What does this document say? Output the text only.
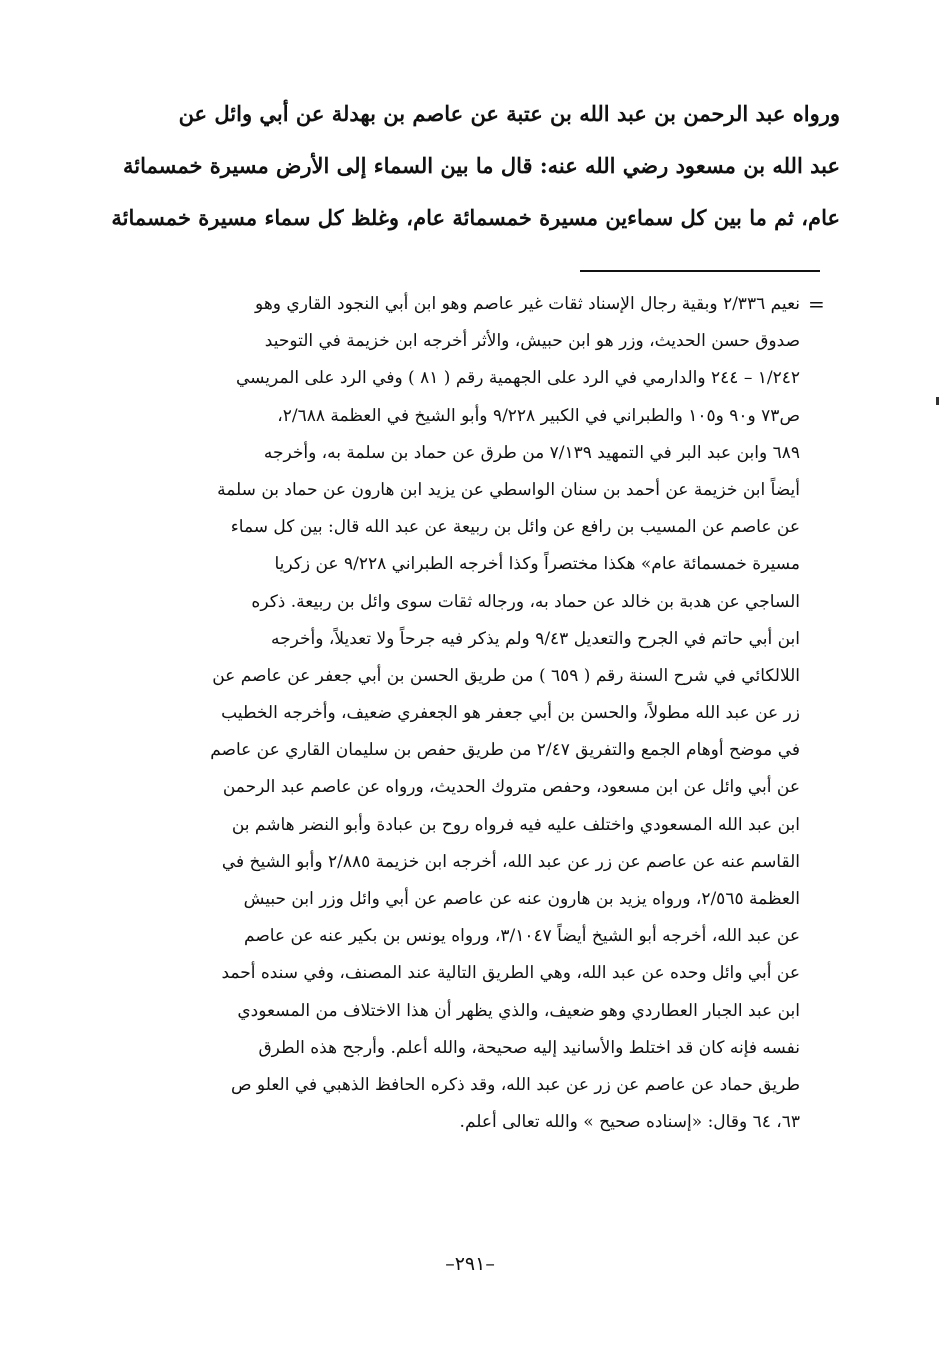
ورواه عبد الرحمن بن عبد الله بن عتبة عن عاصم بن بهدلة عن أبي وائل عن
عبد الله بن مسعود رضي الله عنه: قال ما بين السماء إلى الأرض مسيرة خمسمائة
عام، ثم ما بين كل سماءين مسيرة خمسمائة عام، وغلظ كل سماء مسيرة خمسمائة
=
نعيم ٢/٣٣٦ وبقية رجال الإسناد ثقات غير عاصم وهو ابن أبي النجود القاري وهو
صدوق حسن الحديث، وزر هو ابن حبيش، والأثر أخرجه ابن خزيمة في التوحيد
١/٢٤٢ – ٢٤٤ والدارمي في الرد على الجهمية رقم ( ٨١ ) وفي الرد على المريسي
ص٧٣ و٩٠ و١٠٥ والطبراني في الكبير ٩/٢٢٨ وأبو الشيخ في العظمة ٢/٦٨٨،
٦٨٩ وابن عبد البر في التمهيد ٧/١٣٩ من طرق عن حماد بن سلمة به، وأخرجه
أيضاً ابن خزيمة عن أحمد بن سنان الواسطي عن يزيد ابن هارون عن حماد بن سلمة
عن عاصم عن المسيب بن رافع عن وائل بن ربيعة عن عبد الله قال: بين كل سماء
مسيرة خمسمائة عام» هكذا مختصراً وكذا أخرجه الطبراني ٩/٢٢٨ عن زكريا
الساجي عن هدبة بن خالد عن حماد به، ورجاله ثقات سوى وائل بن ربيعة. ذكره
ابن أبي حاتم في الجرح والتعديل ٩/٤٣ ولم يذكر فيه جرحاً ولا تعديلاً، وأخرجه
اللالكائي في شرح السنة رقم ( ٦٥٩ ) من طريق الحسن بن أبي جعفر عن عاصم عن
زر عن عبد الله مطولاً، والحسن بن أبي جعفر هو الجعفري ضعيف، وأخرجه الخطيب
في موضح أوهام الجمع والتفريق ٢/٤٧ من طريق حفص بن سليمان القاري عن عاصم
عن أبي وائل عن ابن مسعود، وحفص متروك الحديث، ورواه عن عاصم عبد الرحمن
ابن عبد الله المسعودي واختلف عليه فيه فرواه روح بن عبادة وأبو النضر هاشم بن
القاسم عنه عن عاصم عن زر عن عبد الله، أخرجه ابن خزيمة ٢/٨٨٥ وأبو الشيخ في
العظمة ٢/٥٦٥، ورواه يزيد بن هارون عنه عن عاصم عن أبي وائل وزر ابن حبيش
عن عبد الله، أخرجه أبو الشيخ أيضاً ٣/١٠٤٧، ورواه يونس بن بكير عنه عن عاصم
عن أبي وائل وحده عن عبد الله، وهي الطريق التالية عند المصنف، وفي سنده أحمد
ابن عبد الجبار العطاردي وهو ضعيف، والذي يظهر أن هذا الاختلاف من المسعودي
نفسه فإنه كان قد اختلط والأسانيد إليه صحيحة، والله أعلم. وأرجح هذه الطرق
طريق حماد عن عاصم عن زر عن عبد الله، وقد ذكره الحافظ الذهبي في العلو ص
٦٣، ٦٤ وقال: «إسناده صحيح » والله تعالى أعلم.
–٢٩١–
